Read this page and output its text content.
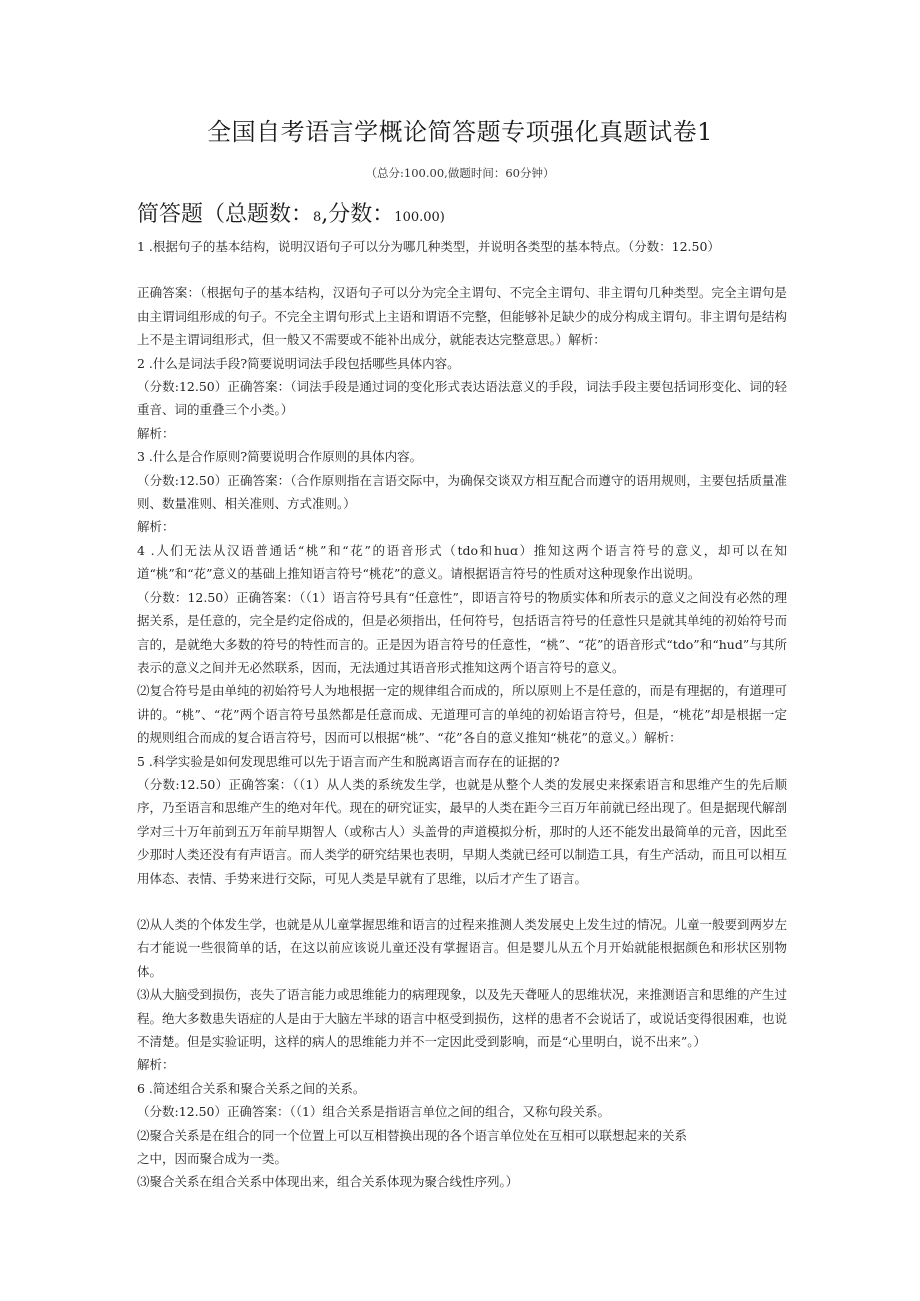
全国自考语言学概论简答题专项强化真题试卷1
（总分:100.00,做题时间：60分钟）
简答题（总题数：8,分数：100.00)

1 .根据句子的基本结构，说明汉语句子可以分为哪几种类型，并说明各类型的基本特点。（分数：12.50）

正确答案：（根据句子的基本结构，汉语句子可以分为完全主谓句、不完全主谓句、非主谓句几种类型。完全主谓句是由主谓词组形成的句子。不完全主谓句形式上主语和谓语不完整，但能够补足缺少的成分构成主谓句。非主谓句是结构上不是主谓词组形式，但一般又不需要或不能补出成分，就能表达完整意思。）解析：

2 .什么是词法手段?简要说明词法手段包括哪些具体内容。

（分数:12.50）正确答案：（词法手段是通过词的变化形式表达语法意义的手段，词法手段主要包括词形变化、词的轻重音、词的重叠三个小类。）

解析：

3 .什么是合作原则?简要说明合作原则的具体内容。

（分数:12.50）正确答案：（合作原则指在言语交际中，为确保交谈双方相互配合而遵守的语用规则，主要包括质量准则、数量准则、相关准则、方式准则。）

解析：

4 .人们无法从汉语普通话“桃”和“花”的语音形式（tdo和huɑ）推知这两个语言符号的意义，却可以在知道“桃”和“花”意义的基础上推知语言符号“桃花”的意义。请根据语言符号的性质对这种现象作出说明。

（分数：12.50）正确答案：（（1）语言符号具有“任意性”，即语言符号的物质实体和所表示的意义之间没有必然的理据关系，是任意的，完全是约定俗成的，但是必须指出，任何符号，包括语言符号的任意性只是就其单纯的初始符号而言的，是就绝大多数的符号的特性而言的。正是因为语言符号的任意性，“桃”、“花”的语音形式“tdo”和“hud”与其所表示的意义之间并无必然联系，因而，无法通过其语音形式推知这两个语言符号的意义。

⑵复合符号是由单纯的初始符号人为地根据一定的规律组合而成的，所以原则上不是任意的，而是有理据的，有道理可讲的。“桃”、“花”两个语言符号虽然都是任意而成、无道理可言的单纯的初始语言符号，但是，“桃花”却是根据一定的规则组合而成的复合语言符号，因而可以根据“桃”、“花”各自的意义推知“桃花”的意义。）解析：

5 .科学实验是如何发现思维可以先于语言而产生和脱离语言而存在的证据的?

（分数:12.50）正确答案：（（1）从人类的系统发生学，也就是从整个人类的发展史来探索语言和思维产生的先后顺序，乃至语言和思维产生的绝对年代。现在的研究证实，最早的人类在距今三百万年前就已经出现了。但是据现代解剖学对三十万年前到五万年前早期智人（或称古人）头盖骨的声道模拟分析，那时的人还不能发出最简单的元音，因此至少那时人类还没有有声语言。而人类学的研究结果也表明，早期人类就已经可以制造工具，有生产活动，而且可以相互用体态、表情、手势来进行交际，可见人类是早就有了思维，以后才产生了语言。

⑵从人类的个体发生学，也就是从儿童掌握思维和语言的过程来推测人类发展史上发生过的情况。儿童一般要到两岁左右才能说一些很简单的话，在这以前应该说儿童还没有掌握语言。但是婴儿从五个月开始就能根据颜色和形状区别物体。

⑶从大脑受到损伤，丧失了语言能力或思维能力的病理现象，以及先天聋哑人的思维状况，来推测语言和思维的产生过程。绝大多数患失语症的人是由于大脑左半球的语言中枢受到损伤，这样的患者不会说话了，或说话变得很困难，也说不清楚。但是实验证明，这样的病人的思维能力并不一定因此受到影响，而是“心里明白，说不出来”。）

解析：

6 .简述组合关系和聚合关系之间的关系。

（分数:12.50）正确答案：（（1）组合关系是指语言单位之间的组合，又称句段关系。

⑵聚合关系是在组合的同一个位置上可以互相替换出现的各个语言单位处在互相可以联想起来的关系

之中，因而聚合成为一类。

⑶聚合关系在组合关系中体现出来，组合关系体现为聚合线性序列。）
